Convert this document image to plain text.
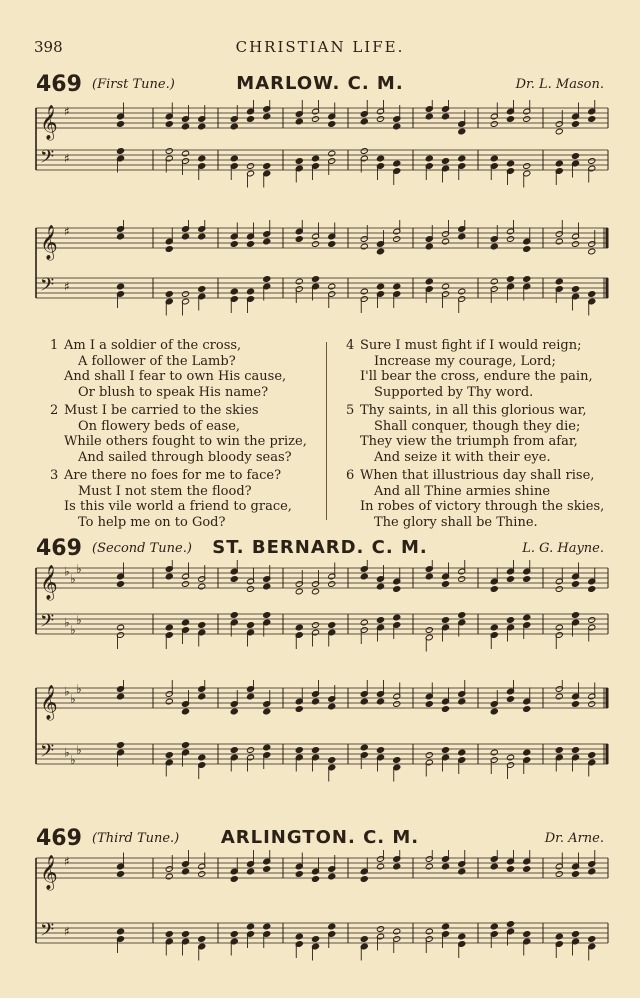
398	CHRISTIAN LIFE.
469 (First Tune.)	MARLOW. C. M.	Dr. L. Mason.
𝄞 ♯
𝄢 ♯
𝄞 ♯
𝄢 ♯
1 Am I a soldier of the cross,
A follower of the Lamb?
And shall I fear to own His cause,
Or blush to speak His name?
2 Must I be carried to the skies
On flowery beds of ease,
While others fought to win the prize,
And sailed through bloody seas?
3 Are there no foes for me to face?
Must I not stem the flood?
Is this vile world a friend to grace,
To help me on to God?
4 Sure I must fight if I would reign;
Increase my courage, Lord;
I'll bear the cross, endure the pain,
Supported by Thy word.
5 Thy saints, in all this glorious war,
Shall conquer, though they die;
They view the triumph from afar,
And seize it with their eye.
6 When that illustrious day shall rise,
And all Thine armies shine
In robes of victory through the skies,
The glory shall be Thine.
469 (Second Tune.)	ST. BERNARD. C. M.	L. G. Hayne.
𝄞 ♭
♭
♭
𝄢 ♭
♭
♭
𝄞 ♭
♭
♭
𝄢 ♭
♭
♭
469 (Third Tune.)	ARLINGTON. C. M.	Dr. Arne.
𝄞 ♯
𝄢 ♯
